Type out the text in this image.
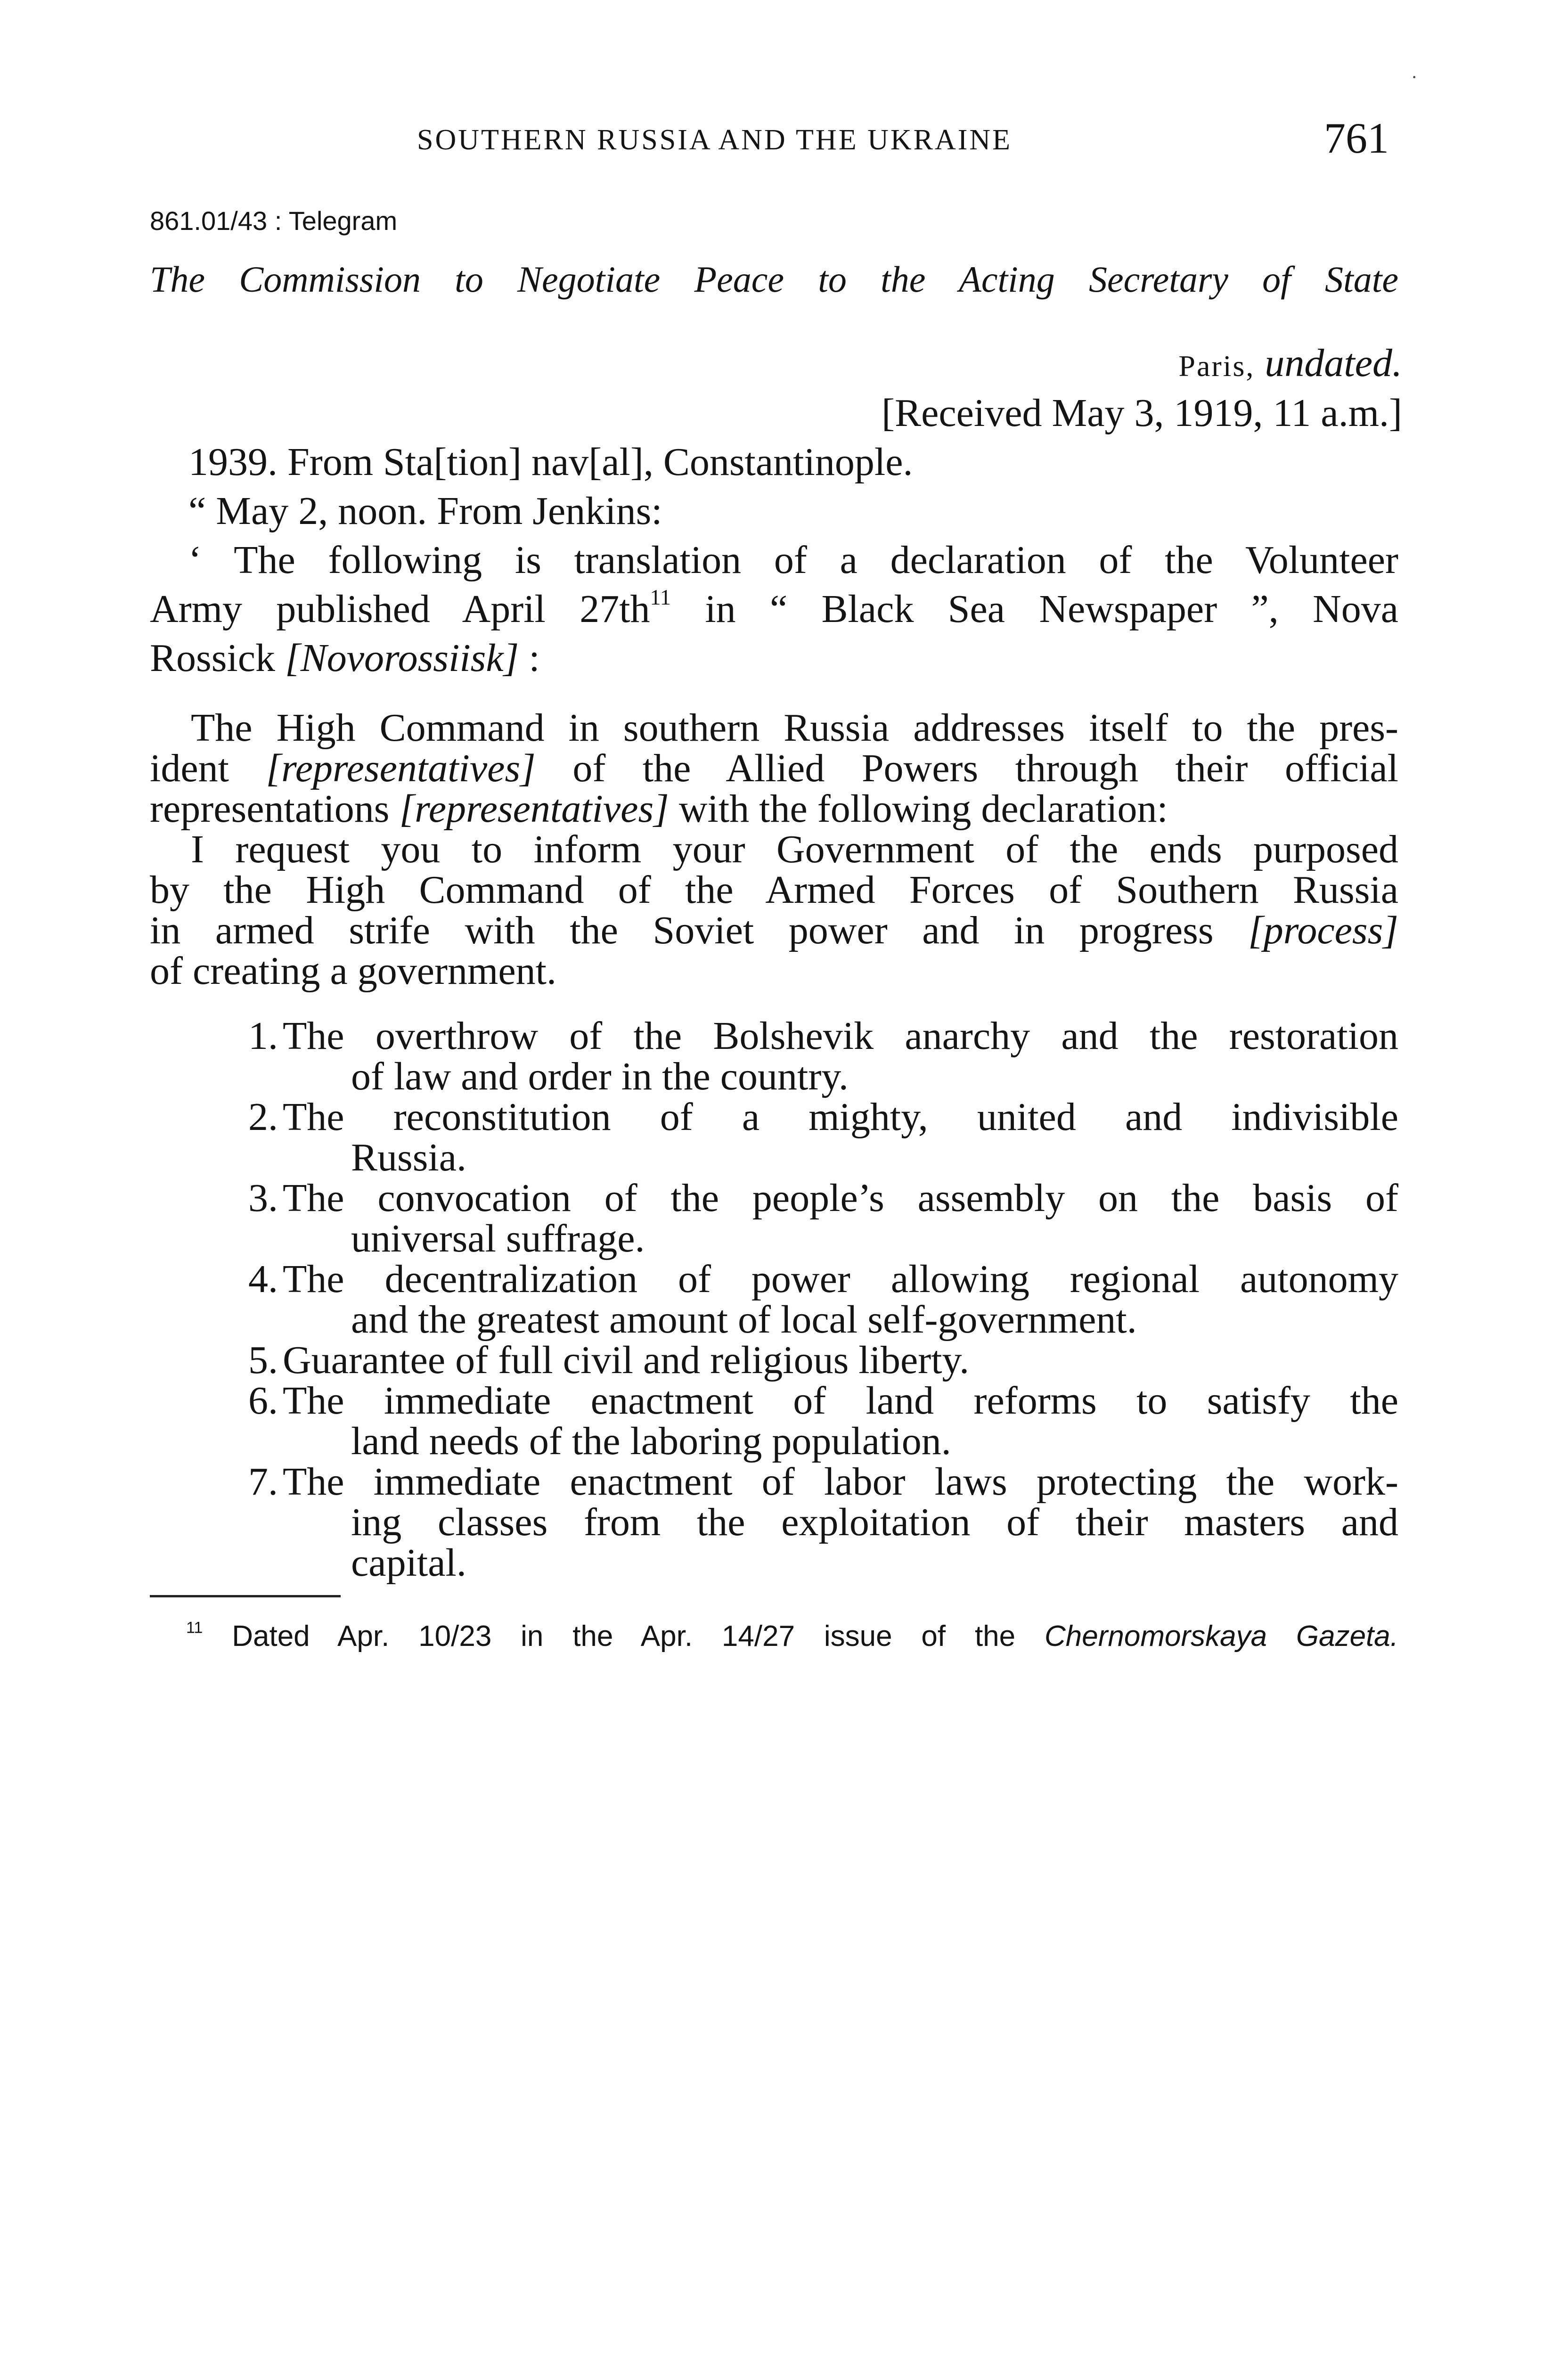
SOUTHERN RUSSIA AND THE UKRAINE	761
861.01/43 : Telegram
The Commission to Negotiate Peace to the Acting Secretary of State
Paris, undated.
[Received May 3, 1919, 11 a.m.]
1939. From Sta[tion] nav[al], Constantinople.
“ May 2, noon. From Jenkins:
‘ The following is translation of a declaration of the Volunteer
Army published April $27th^{11}$ in “ Black Sea Newspaper ”, Nova
Rossick [Novorossiisk] :
The High Command in southern Russia addresses itself to the pres-
ident [representatives] of the Allied Powers through their official
representations [representatives] with the following declaration:
I request you to inform your Government of the ends purposed
by the High Command of the Armed Forces of Southern Russia
in armed strife with the Soviet power and in progress [process]
of creating a government.
1. The overthrow of the Bolshevik anarchy and the restoration
of law and order in the country.
2. The reconstitution of a mighty, united and indivisible
Russia.
3. The convocation of the people’s assembly on the basis of
universal suffrage.
4. The decentralization of power allowing regional autonomy
and the greatest amount of local self-government.
5. Guarantee of full civil and religious liberty.
6. The immediate enactment of land reforms to satisfy the
land needs of the laboring population.
7. The immediate enactment of labor laws protecting the work-
ing classes from the exploitation of their masters and
capital.
$^{11}$ Dated Apr. 10/23 in the Apr. 14/27 issue of the Chernomorskaya Gazeta.
·
